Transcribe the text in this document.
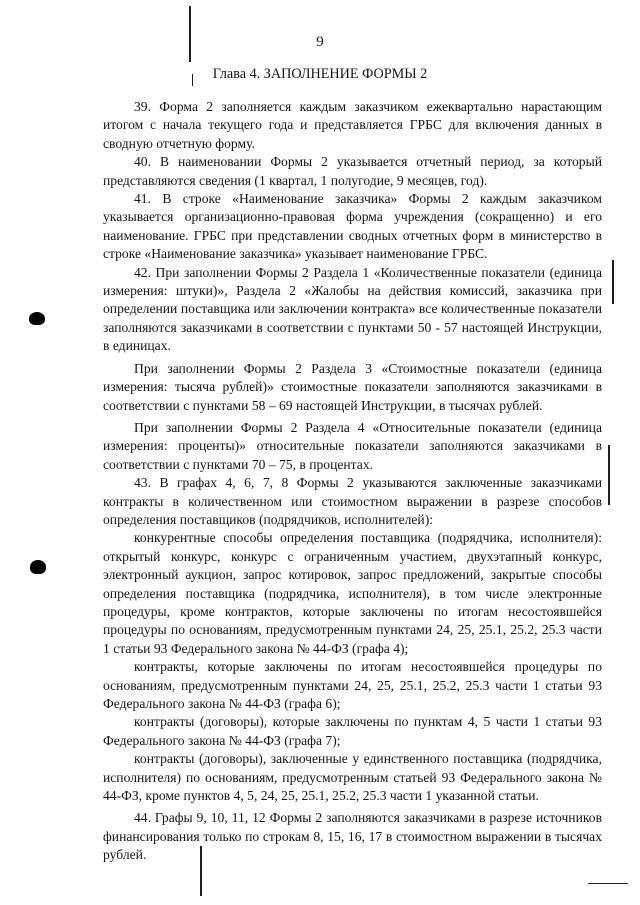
9
Глава 4. ЗАПОЛНЕНИЕ ФОРМЫ 2

39. Форма 2 заполняется каждым заказчиком ежеквартально нарастающим итогом с начала текущего года и представляется ГРБС для включения данных в сводную отчетную форму.

40. В наименовании Формы 2 указывается отчетный период, за который представляются сведения (1 квартал, 1 полугодие, 9 месяцев, год).

41. В строке «Наименование заказчика» Формы 2 каждым заказчиком указывается организационно-правовая форма учреждения (сокращенно) и его наименование. ГРБС при представлении сводных отчетных форм в министерство в строке «Наименование заказчика» указывает наименование ГРБС.

42. При заполнении Формы 2 Раздела 1 «Количественные показатели (единица измерения: штуки)», Раздела 2 «Жалобы на действия комиссий, заказчика при определении поставщика или заключении контракта» все количественные показатели заполняются заказчиками в соответствии с пунктами 50 - 57 настоящей Инструкции, в единицах.

При заполнении Формы 2 Раздела 3 «Стоимостные показатели (единица измерения: тысяча рублей)» стоимостные показатели заполняются заказчиками в соответствии с пунктами 58 – 69 настоящей Инструкции, в тысячах рублей.

При заполнении Формы 2 Раздела 4 «Относительные показатели (единица измерения: проценты)» относительные показатели заполняются заказчиками в соответствии с пунктами 70 – 75, в процентах.

43. В графах 4, 6, 7, 8 Формы 2 указываются заключенные заказчиками контракты в количественном или стоимостном выражении в разрезе способов определения поставщиков (подрядчиков, исполнителей):

конкурентные способы определения поставщика (подрядчика, исполнителя): открытый конкурс, конкурс с ограниченным участием, двухэтапный конкурс, электронный аукцион, запрос котировок, запрос предложений, закрытые способы определения поставщика (подрядчика, исполнителя), в том числе электронные процедуры, кроме контрактов, которые заключены по итогам несостоявшейся процедуры по основаниям, предусмотренным пунктами 24, 25, 25.1, 25.2, 25.3 части 1 статьи 93 Федерального закона № 44-ФЗ (графа 4);

контракты, которые заключены по итогам несостоявшейся процедуры по основаниям, предусмотренным пунктами 24, 25, 25.1, 25.2, 25.3 части 1 статьи 93 Федерального закона № 44-ФЗ (графа 6);

контракты (договоры), которые заключены по пунктам 4, 5 части 1 статьи 93 Федерального закона № 44-ФЗ (графа 7);

контракты (договоры), заключенные у единственного поставщика (подрядчика, исполнителя) по основаниям, предусмотренным статьей 93 Федерального закона № 44-ФЗ, кроме пунктов 4, 5, 24, 25, 25.1, 25.2, 25.3 части 1 указанной статьи.

44. Графы 9, 10, 11, 12 Формы 2 заполняются заказчиками в разрезе источников финансирования только по строкам 8, 15, 16, 17 в стоимостном выражении в тысячах рублей.
